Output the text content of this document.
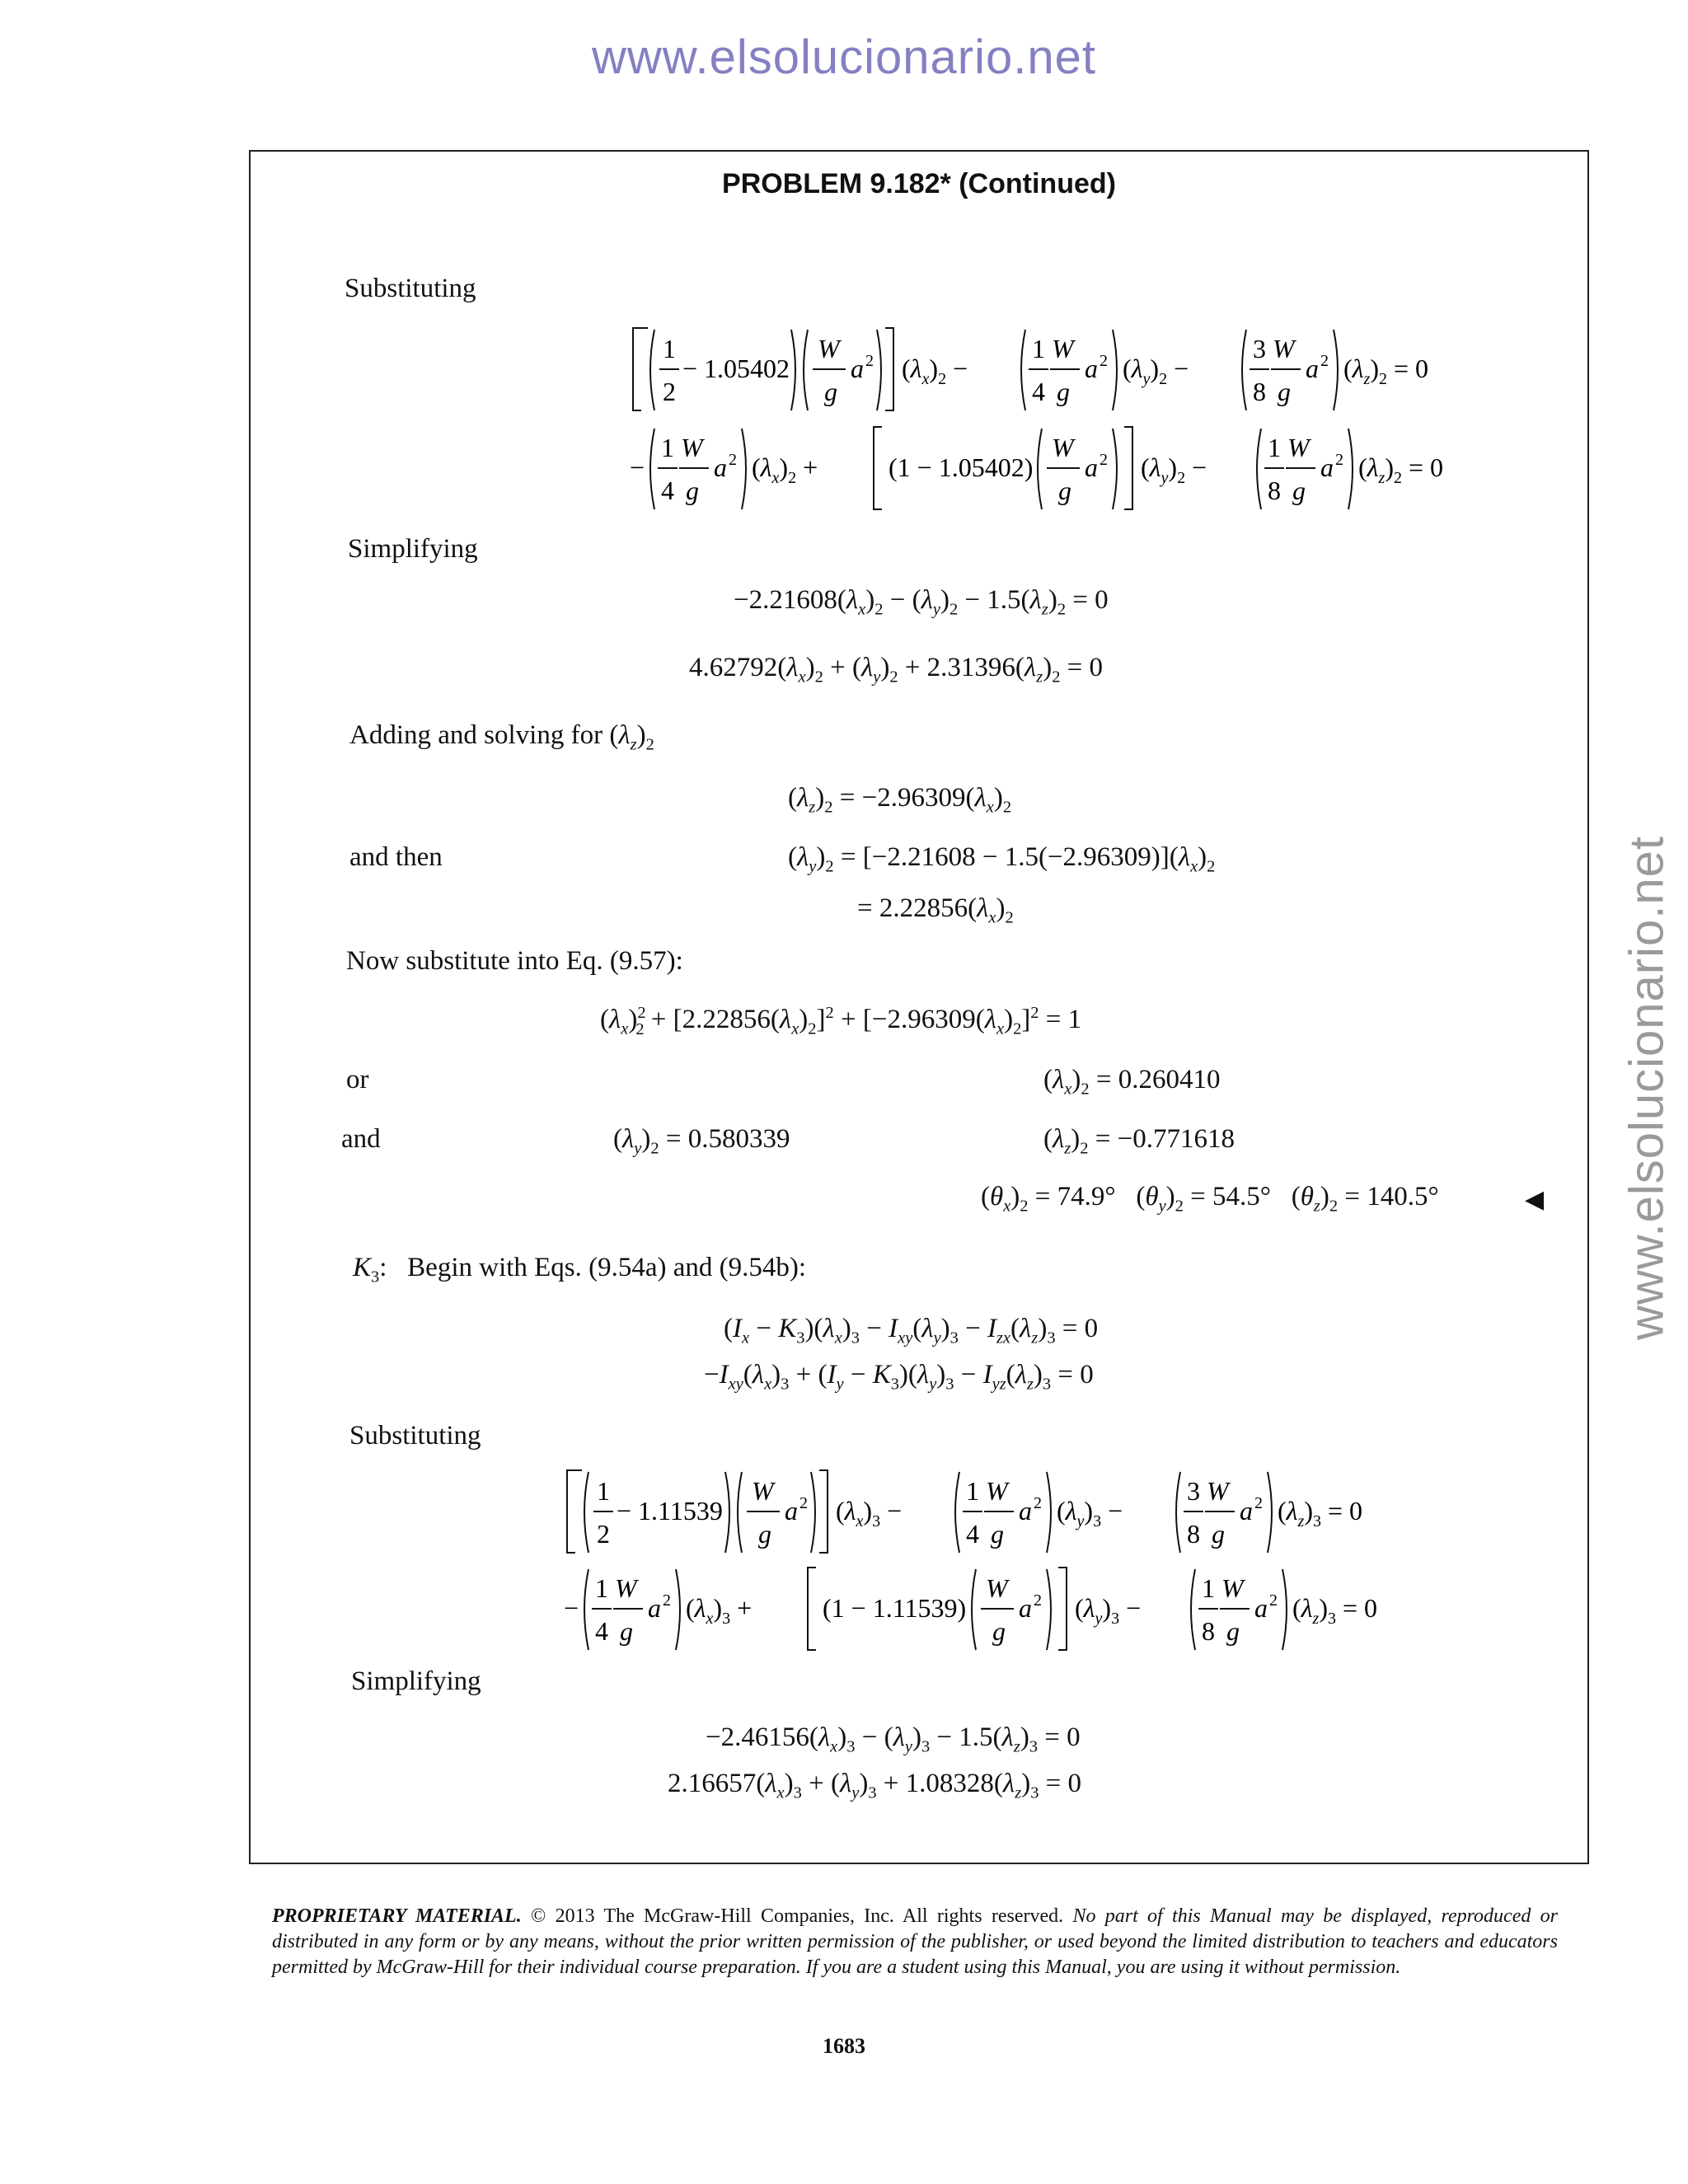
www.elsolucionario.net
www.elsolucionario.net
PROBLEM 9.182* (Continued)
Substituting
1
2
− 1.05402
W
g
a 2 $(\lambda_x)_2$ −
1
4
W
g
a 2 $(\lambda_y)_2$ −
3
8
W
g
a 2 $(\lambda_z)_2 = 0$
−
1
4
W
g
a 2 $(\lambda_x)_2$ +	(1 − 1.05402)
W
g
a 2 $(\lambda_y)_2$ −
1
8
W
g
a 2 $(\lambda_z)_2 = 0$
Simplifying
$-2.21608(\lambda_x)_2 - (\lambda_y)_2 - 1.5(\lambda_z)_2 = 0$
$4.62792(\lambda_x)_2 + (\lambda_y)_2 + 2.31396(\lambda_z)_2 = 0$
Adding and solving for $(\lambda_z)_2$
$(\lambda_z)_2 = -2.96309(\lambda_x)_2$
and then	$(\lambda_y)_2 = [-2.21608 - 1.5(-2.96309)](\lambda_x)_2$
= $2.22856(\lambda_x)_2$
Now substitute into Eq. (9.57):
$(\lambda_x)^2_2 + [2.22856(\lambda_x)_2]^2 + [-2.96309(\lambda_x)_2]^2 = 1$
or	$(\lambda_x)_2 = 0.260410$
and	$(\lambda_y)_2 = 0.580339$	$(\lambda_z)_2 = -0.771618$
$(\theta_x)_2 = 74.9^\circ$   $(\theta_y)_2 = 54.5^\circ$   $(\theta_z)_2 = 140.5^\circ$	◀
$K_3$:   Begin with Eqs. (9.54a) and (9.54b):
$(I_x - K_3)(\lambda_x)_3 - I_{xy}(\lambda_y)_3 - I_{zx}(\lambda_z)_3 = 0$
$-I_{xy}(\lambda_x)_3 + (I_y - K_3)(\lambda_y)_3 - I_{yz}(\lambda_z)_3 = 0$
Substituting
1
2
− 1.11539
W
g
a 2 $(\lambda_x)_3$ −
1
4
W
g
a 2 $(\lambda_y)_3$ −
3
8
W
g
a 2 $(\lambda_z)_3 = 0$
−
1
4
W
g
a 2 $(\lambda_x)_3$ +	(1 − 1.11539)
W
g
a 2 $(\lambda_y)_3$ −
1
8
W
g
a 2 $(\lambda_z)_3 = 0$
Simplifying
$-2.46156(\lambda_x)_3 - (\lambda_y)_3 - 1.5(\lambda_z)_3 = 0$
$2.16657(\lambda_x)_3 + (\lambda_y)_3 + 1.08328(\lambda_z)_3 = 0$
PROPRIETARY MATERIAL. © 2013 The McGraw-Hill Companies, Inc. All rights reserved. No part of this Manual may be displayed, reproduced or distributed in any form or by any means, without the prior written permission of the publisher, or used beyond the limited distribution to teachers and educators permitted by McGraw-Hill for their individual course preparation. If you are a student using this Manual, you are using it without permission.
1683
